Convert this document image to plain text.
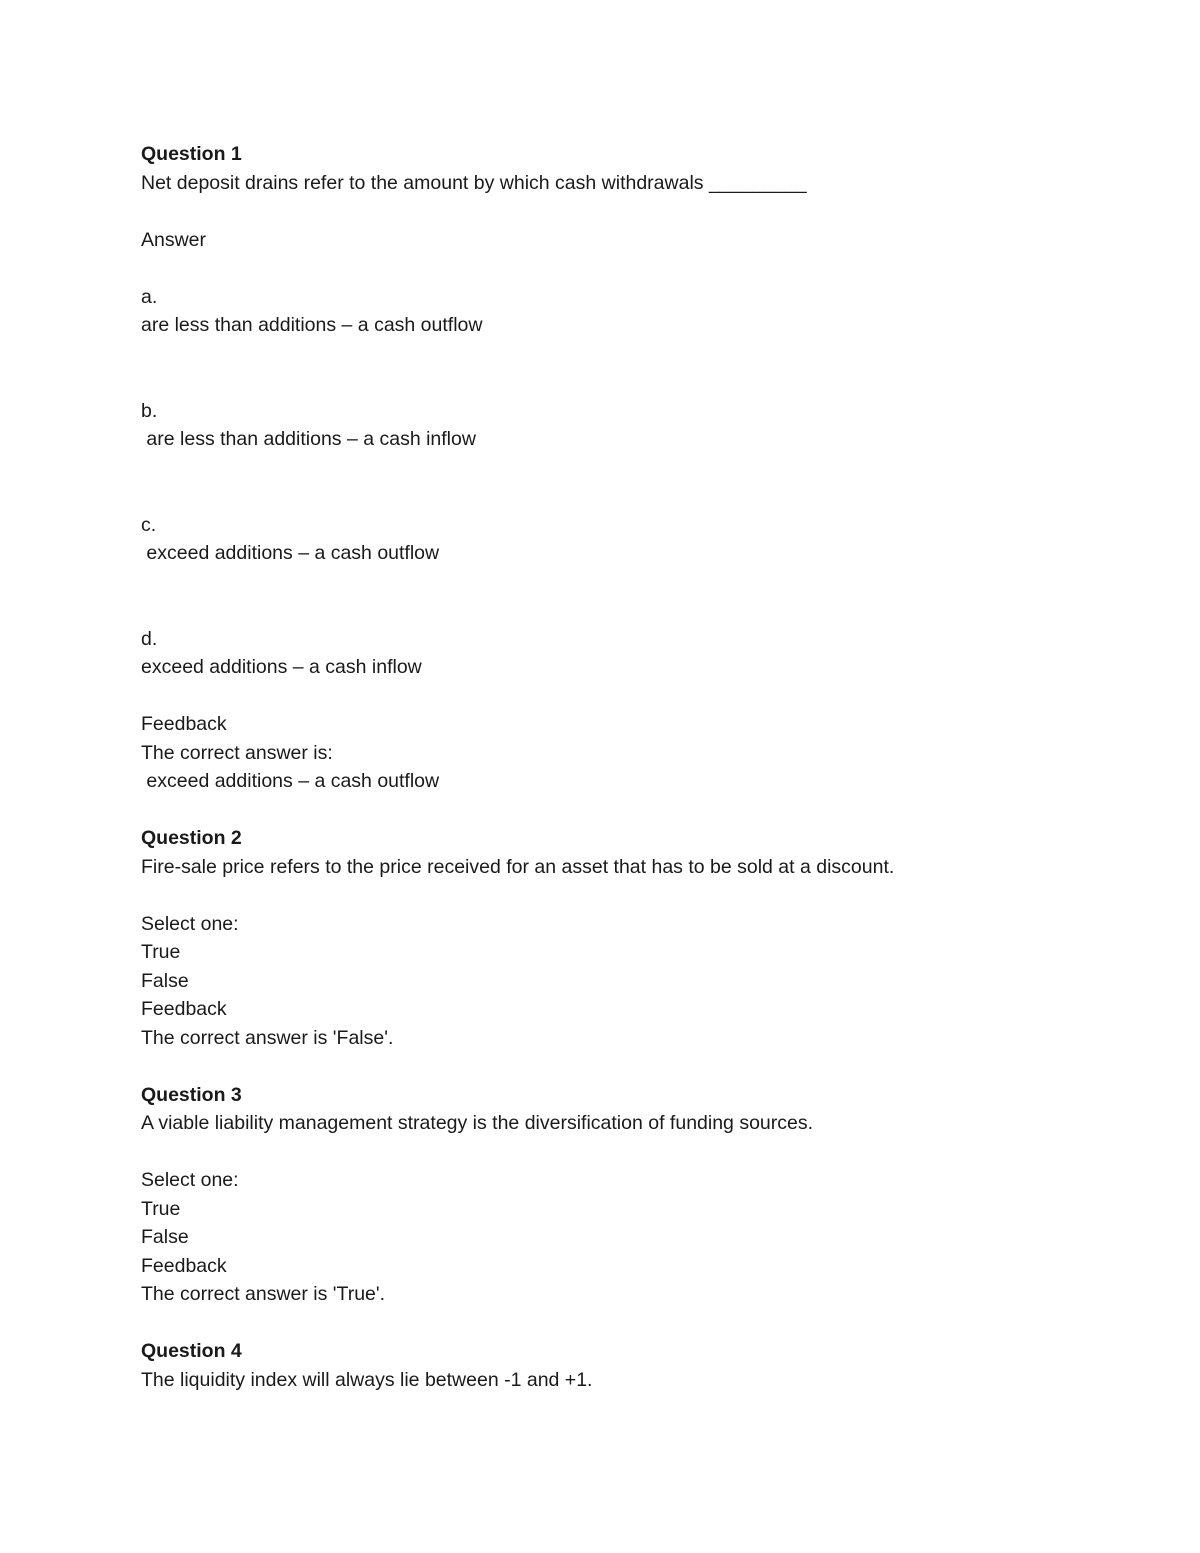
Question 1
Net deposit drains refer to the amount by which cash withdrawals _________
Answer
a.
are less than additions – a cash outflow
b.
are less than additions – a cash inflow
c.
exceed additions – a cash outflow
d.
exceed additions – a cash inflow
Feedback
The correct answer is:
exceed additions – a cash outflow
Question 2
Fire-sale price refers to the price received for an asset that has to be sold at a discount.
Select one:
True
False
Feedback
The correct answer is 'False'.
Question 3
A viable liability management strategy is the diversification of funding sources.
Select one:
True
False
Feedback
The correct answer is 'True'.
Question 4
The liquidity index will always lie between -1 and +1.
